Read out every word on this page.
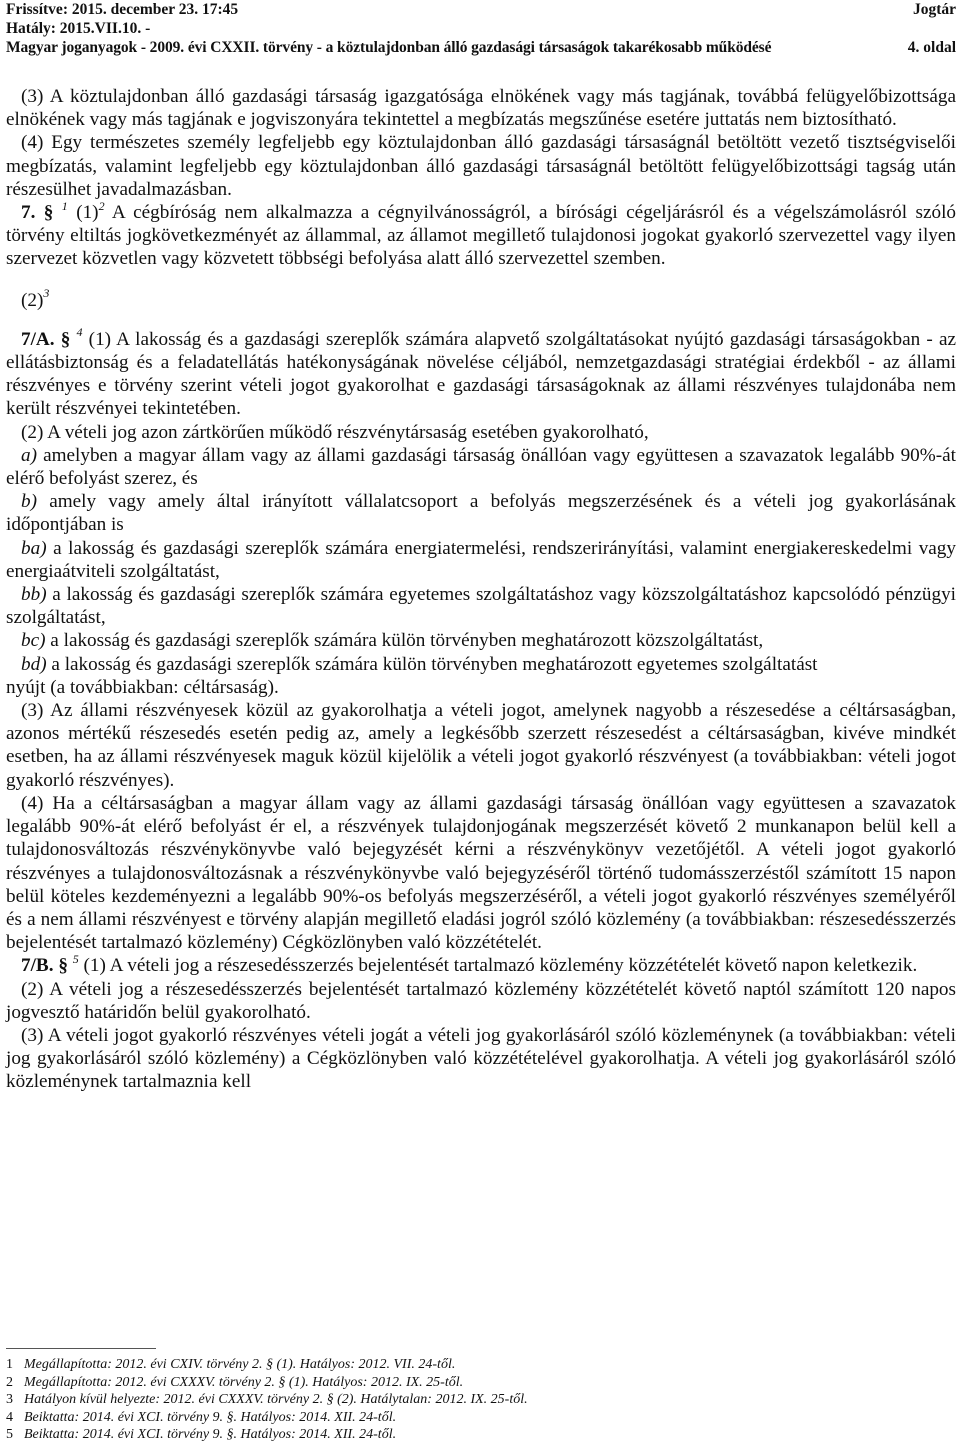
Frissítve: 2015. december 23. 17:45	Jogtár
Hatály: 2015.VII.10. -
Magyar joganyagok - 2009. évi CXXII. törvény - a köztulajdonban álló gazdasági társaságok takarékosabb működésé	4. oldal

(3) A köztulajdonban álló gazdasági társaság igazgatósága elnökének vagy más tagjának, továbbá felügyelőbizottsága elnökének vagy más tagjának e jogviszonyára tekintettel a megbízatás megszűnése esetére juttatás nem biztosítható.

(4) Egy természetes személy legfeljebb egy köztulajdonban álló gazdasági társaságnál betöltött vezető tisztségviselői megbízatás, valamint legfeljebb egy köztulajdonban álló gazdasági társaságnál betöltött felügyelőbizottsági tagság után részesülhet javadalmazásban.

7. § $^1$ $(1)^2$ A cégbíróság nem alkalmazza a cégnyilvánosságról, a bírósági cégeljárásról és a végelszámolásról szóló törvény eltiltás jogkövetkezményét az állammal, az államot megillető tulajdonosi jogokat gyakorló szervezettel vagy ilyen szervezet közvetlen vagy közvetett többségi befolyása alatt álló szervezettel szemben.

$(2)^3$

7/A. § $^4$ (1) A lakosság és a gazdasági szereplők számára alapvető szolgáltatásokat nyújtó gazdasági társaságokban - az ellátásbiztonság és a feladatellátás hatékonyságának növelése céljából, nemzetgazdasági stratégiai érdekből - az állami részvényes e törvény szerint vételi jogot gyakorolhat e gazdasági társaságoknak az állami részvényes tulajdonába nem került részvényei tekintetében.

(2) A vételi jog azon zártkörűen működő részvénytársaság esetében gyakorolható,

a) amelyben a magyar állam vagy az állami gazdasági társaság önállóan vagy együttesen a szavazatok legalább 90%-át elérő befolyást szerez, és

b) amely vagy amely által irányított vállalatcsoport a befolyás megszerzésének és a vételi jog gyakorlásának időpontjában is

ba) a lakosság és gazdasági szereplők számára energiatermelési, rendszerirányítási, valamint energiakereskedelmi vagy energiaátviteli szolgáltatást,

bb) a lakosság és gazdasági szereplők számára egyetemes szolgáltatáshoz vagy közszolgáltatáshoz kapcsolódó pénzügyi szolgáltatást,

bc) a lakosság és gazdasági szereplők számára külön törvényben meghatározott közszolgáltatást,

bd) a lakosság és gazdasági szereplők számára külön törvényben meghatározott egyetemes szolgáltatást

nyújt (a továbbiakban: céltársaság).

(3) Az állami részvényesek közül az gyakorolhatja a vételi jogot, amelynek nagyobb a részesedése a céltársaságban, azonos mértékű részesedés esetén pedig az, amely a legkésőbb szerzett részesedést a céltársaságban, kivéve mindkét esetben, ha az állami részvényesek maguk közül kijelölik a vételi jogot gyakorló részvényest (a továbbiakban: vételi jogot gyakorló részvényes).

(4) Ha a céltársaságban a magyar állam vagy az állami gazdasági társaság önállóan vagy együttesen a szavazatok legalább 90%-át elérő befolyást ér el, a részvények tulajdonjogának megszerzését követő 2 munkanapon belül kell a tulajdonosváltozás részvénykönyvbe való bejegyzését kérni a részvénykönyv vezetőjétől. A vételi jogot gyakorló részvényes a tulajdonosváltozásnak a részvénykönyvbe való bejegyzéséről történő tudomásszerzéstől számított 15 napon belül köteles kezdeményezni a legalább 90%-os befolyás megszerzéséről, a vételi jogot gyakorló részvényes személyéről és a nem állami részvényest e törvény alapján megillető eladási jogról szóló közlemény (a továbbiakban: részesedésszerzés bejelentését tartalmazó közlemény) Cégközlönyben való közzétételét.

7/B. § $^5$ (1) A vételi jog a részesedésszerzés bejelentését tartalmazó közlemény közzétételét követő napon keletkezik.

(2) A vételi jog a részesedésszerzés bejelentését tartalmazó közlemény közzétételét követő naptól számított 120 napos jogvesztő határidőn belül gyakorolható.

(3) A vételi jogot gyakorló részvényes vételi jogát a vételi jog gyakorlásáról szóló közleménynek (a továbbiakban: vételi jog gyakorlásáról szóló közlemény) a Cégközlönyben való közzétételével gyakorolhatja. A vételi jog gyakorlásáról szóló közleménynek tartalmaznia kell

1 Megállapította: 2012. évi CXIV. törvény 2. § (1). Hatályos: 2012. VII. 24-től.
2 Megállapította: 2012. évi CXXXV. törvény 2. § (1). Hatályos: 2012. IX. 25-től.
3 Hatályon kívül helyezte: 2012. évi CXXXV. törvény 2. § (2). Hatálytalan: 2012. IX. 25-től.
4 Beiktatta: 2014. évi XCI. törvény 9. §. Hatályos: 2014. XII. 24-től.
5 Beiktatta: 2014. évi XCI. törvény 9. §. Hatályos: 2014. XII. 24-től.
